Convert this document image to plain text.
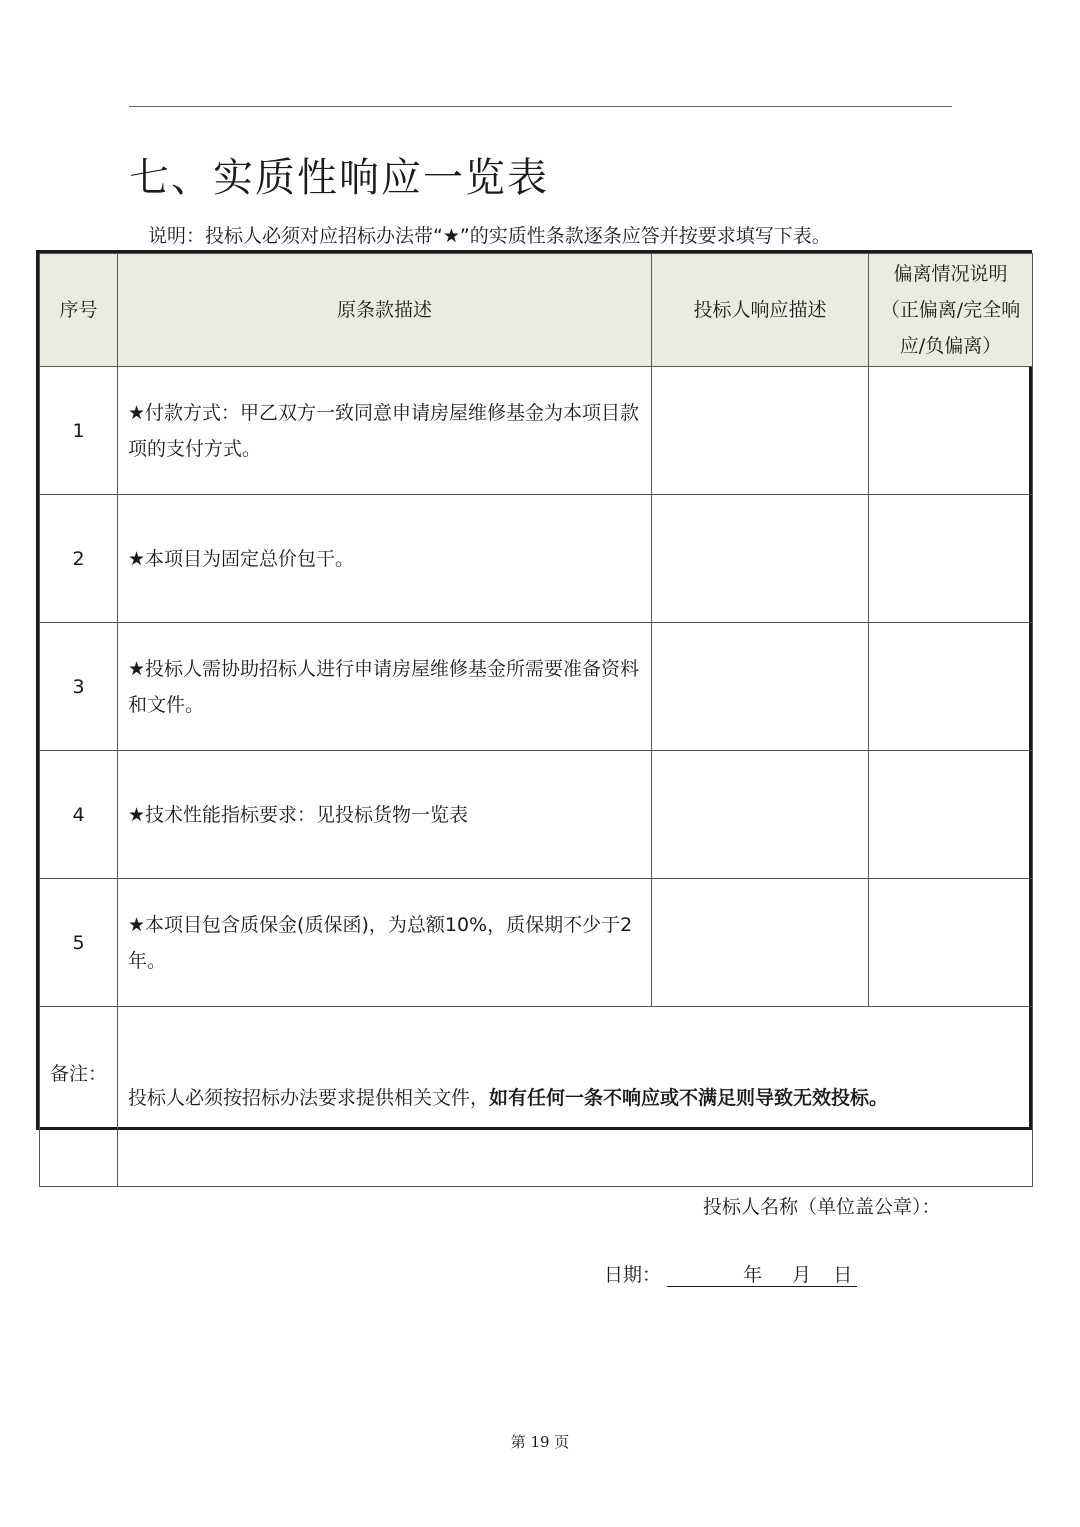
七、实质性响应一览表
说明：投标人必须对应招标办法带“★”的实质性条款逐条应答并按要求填写下表。
序号	原条款描述	投标人响应描述	偏离情况说明
（正偏离/完全响
应/负偏离）

1	★付款方式：甲乙双方一致同意申请房屋维修基金为本项目款项的支付方式。		
2	★本项目为固定总价包干。		
3	★投标人需协助招标人进行申请房屋维修基金所需要准备资料和文件。		
4	★技术性能指标要求：见投标货物一览表		
5	★本项目包含质保金(质保函)，为总额10%，质保期不少于2年。		
备注：	投标人必须按招标办法要求提供相关文件，如有任何一条不响应或不满足则导致无效投标。		
投标人名称（单位盖公章）：
日期：	年 月 日
第 19 页
